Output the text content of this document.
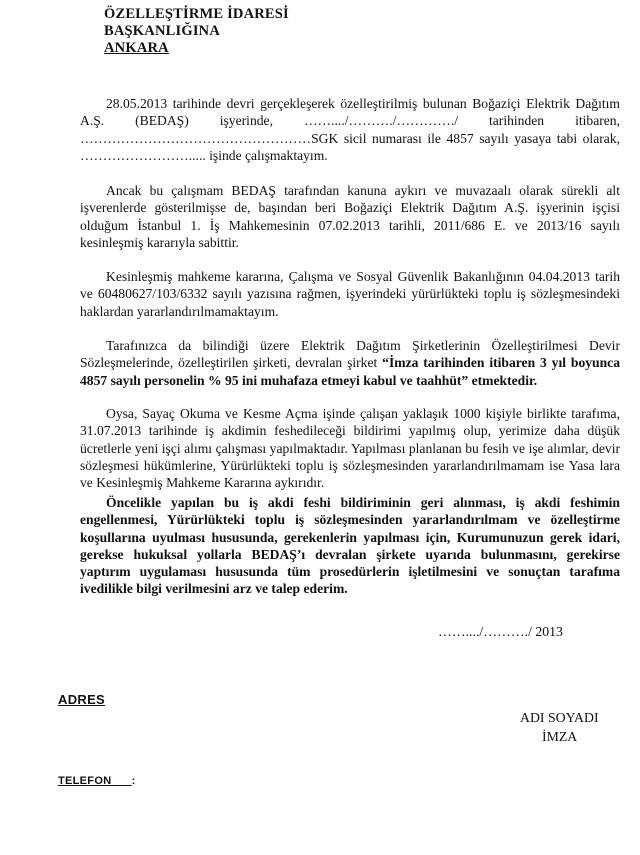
ÖZELLEŞTİRME İDARESİ
BAŞKANLIĞINA
ANKARA

28.05.2013 tarihinde devri gerçekleşerek özelleştirilmiş bulunan Boğaziçi Elektrik Dağıtım A.Ş. (BEDAŞ) işyerinde, ……..../………./…………./ tarihinden itibaren, ……………………………………………SGK sicil numarası ile 4857 sayılı yasaya tabi olarak, ……………………..... işinde çalışmaktayım.

Ancak bu çalışmam BEDAŞ tarafından kanuna aykırı ve muvazaalı olarak sürekli alt işverenlerde gösterilmişse de, başından beri Boğaziçi Elektrik Dağıtım A.Ş. işyerinin işçisi olduğum İstanbul 1. İş Mahkemesinin 07.02.2013 tarihli, 2011/686 E. ve 2013/16 sayılı kesinleşmiş kararıyla sabittir.

Kesinleşmiş mahkeme kararına, Çalışma ve Sosyal Güvenlik Bakanlığının 04.04.2013 tarih ve 60480627/103/6332 sayılı yazısına rağmen, işyerindeki yürürlükteki toplu iş sözleşmesindeki haklardan yararlandırılmamaktayım.

Tarafınızca da bilindiği üzere Elektrik Dağıtım Şirketlerinin Özelleştirilmesi Devir Sözleşmelerinde, özelleştirilen şirketi, devralan şirket “İmza tarihinden itibaren 3 yıl boyunca 4857 sayılı personelin % 95 ini muhafaza etmeyi kabul ve taahhüt” etmektedir.

Oysa, Sayaç Okuma ve Kesme Açma işinde çalışan yaklaşık 1000 kişiyle birlikte tarafıma, 31.07.2013 tarihinde iş akdimin feshedileceği bildirimi yapılmış olup, yerimize daha düşük ücretlerle yeni işçi alımı çalışması yapılmaktadır. Yapılması planlanan bu fesih ve işe alımlar, devir sözleşmesi hükümlerine, Yürürlükteki toplu iş sözleşmesinden yararlandırılmamam ise Yasa lara ve Kesinleşmiş Mahkeme Kararına aykırıdır.

Öncelikle yapılan bu iş akdi feshi bildiriminin geri alınması, iş akdi feshimin engellenmesi, Yürürlükteki toplu iş sözleşmesinden yararlandırılmam ve özelleştirme koşullarına uyulması hususunda, gerekenlerin yapılması için, Kurumunuzun gerek idari, gerekse hukuksal yollarla BEDAŞ’ı devralan şirkete uyarıda bulunmasını, gerekirse yaptırım uygulaması hususunda tüm prosedürlerin işletilmesini ve sonuçtan tarafıma ivedilikle bilgi verilmesini arz ve talep ederim.

……..../………./ 2013
ADRES
ADI SOYADI
İMZA
TELEFON :
